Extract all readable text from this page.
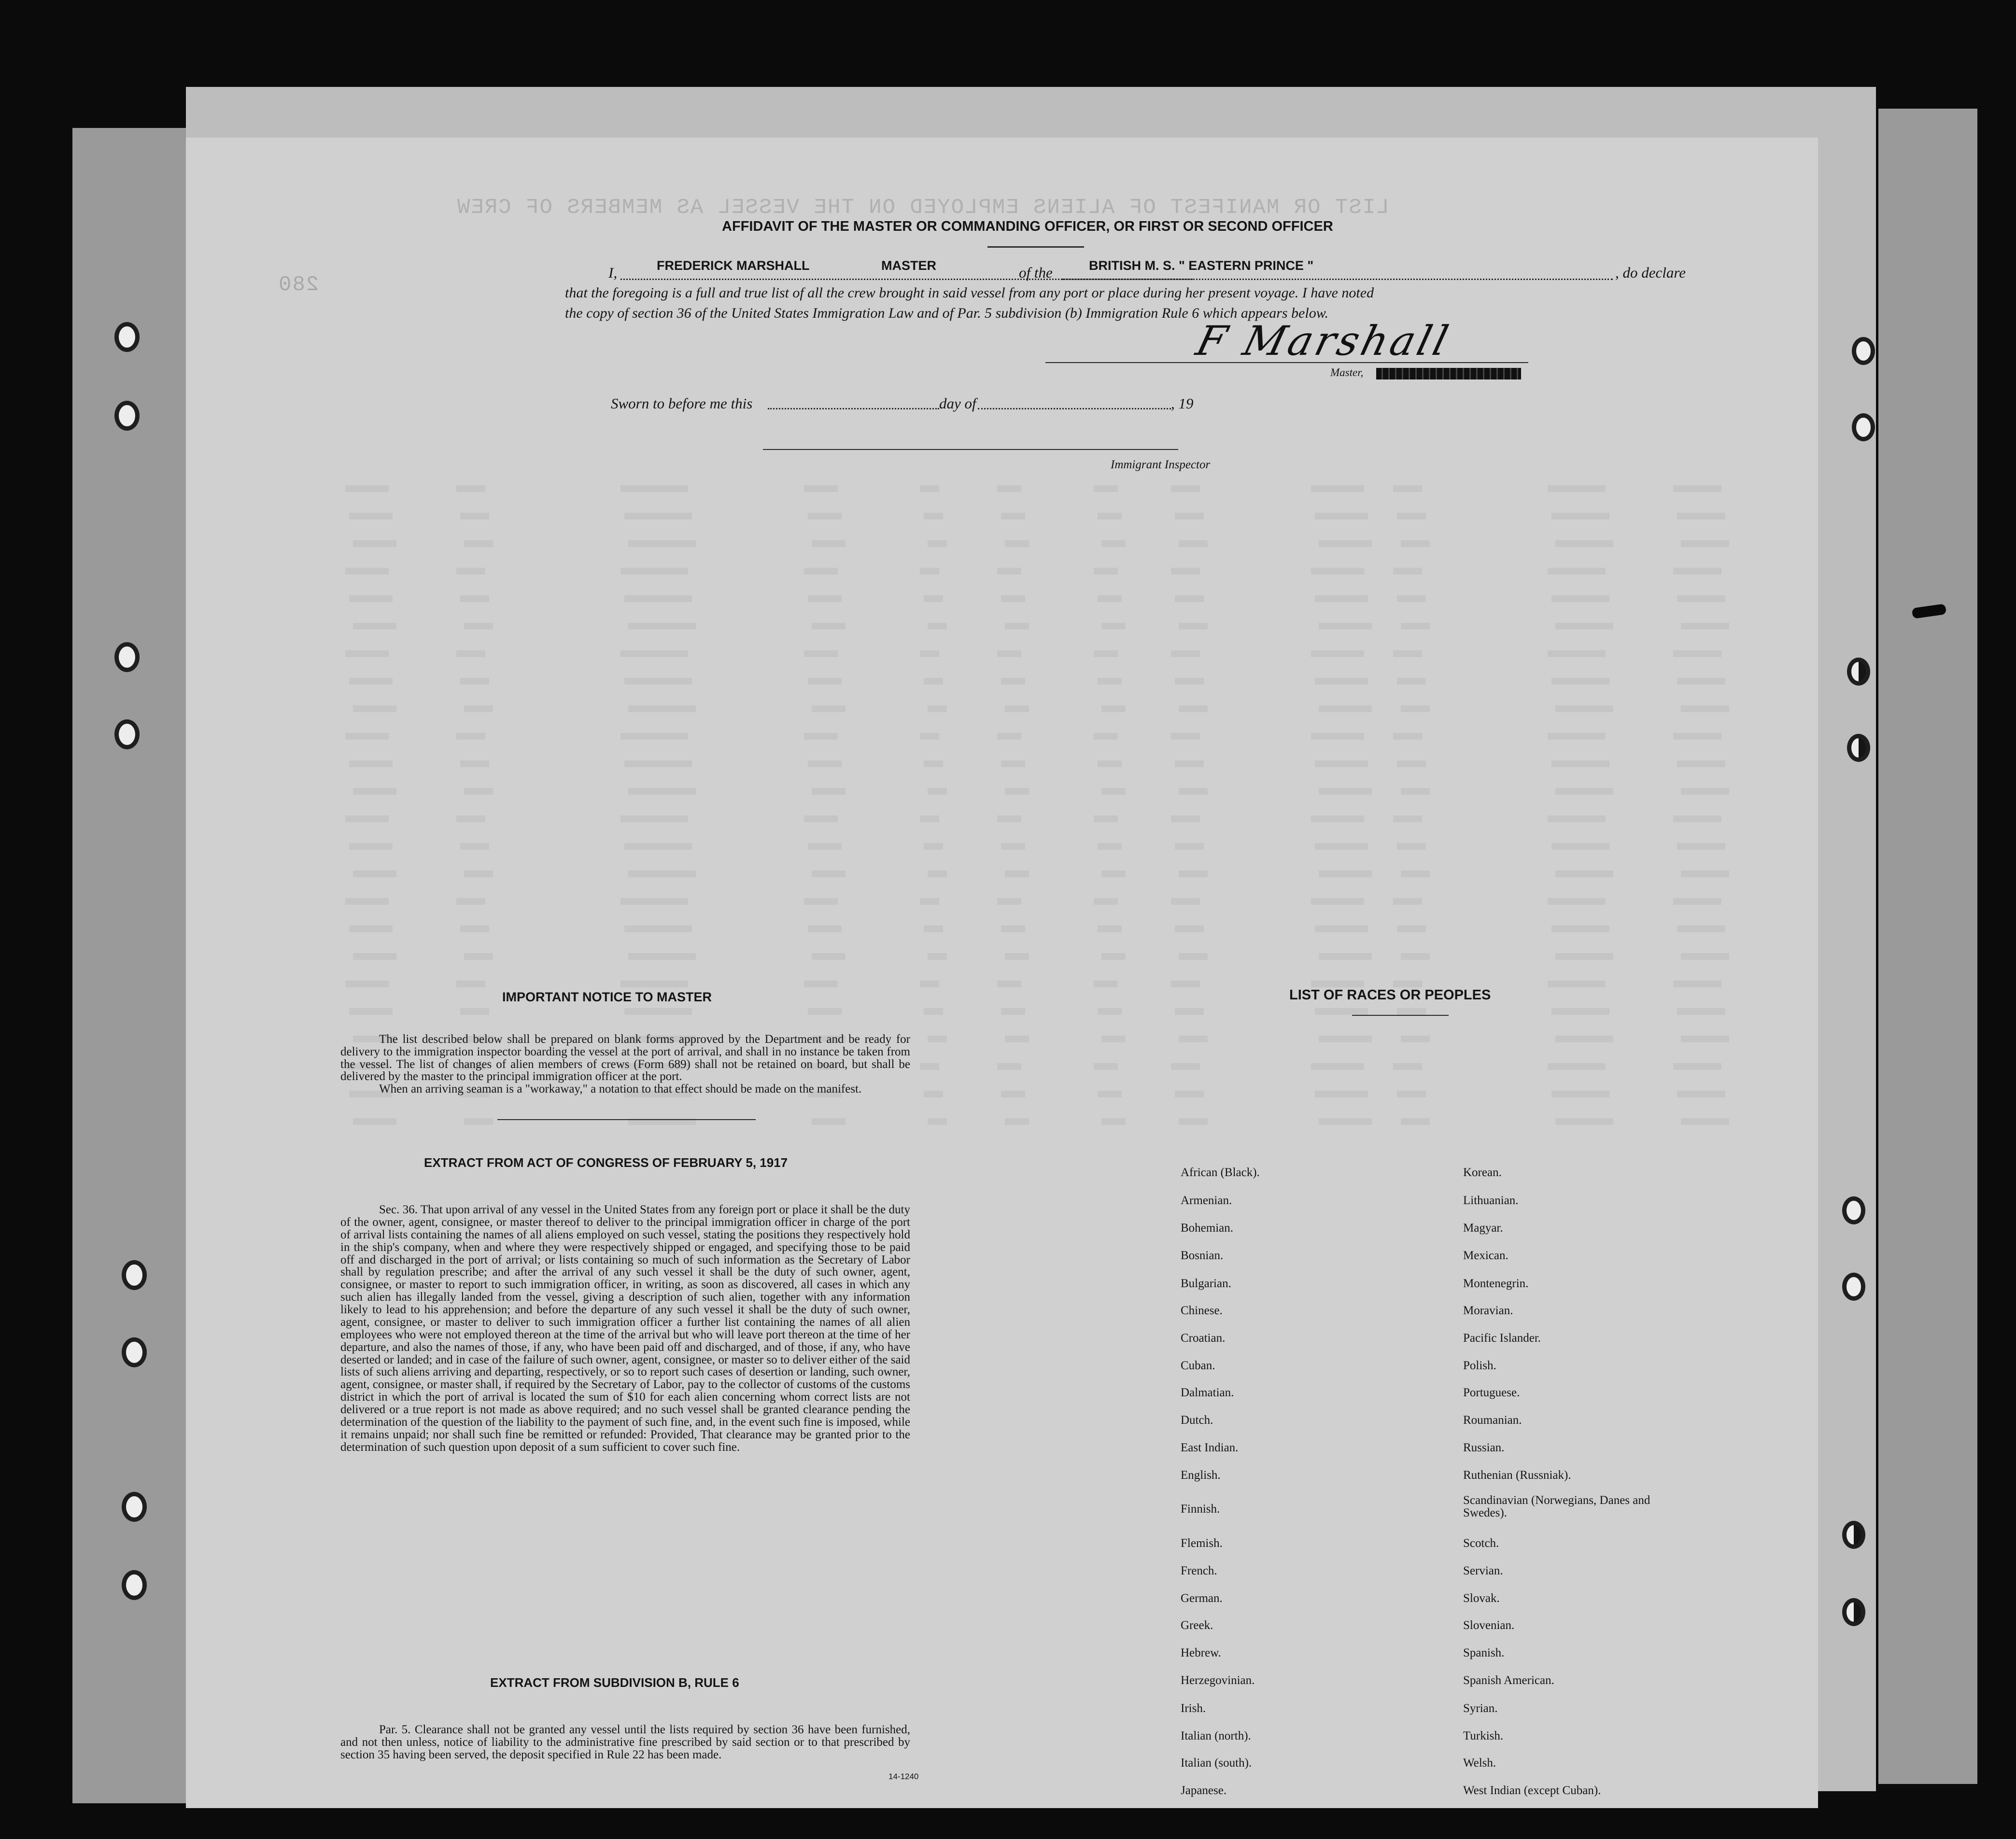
LIST OR MANIFEST OF ALIENS EMPLOYED ON THE VESSEL AS MEMBERS OF CREW
280
AFFIDAVIT OF THE MASTER OR COMMANDING OFFICER, OR FIRST OR SECOND OFFICER
I,	FREDERICK MARSHALL	MASTER	of the	BRITISH M. S. " EASTERN PRINCE "	, do declare
that the foregoing is a full and true list of all the crew brought in said vessel from any port or place during her present voyage. I have noted
the copy of section 36 of the United States Immigration Law and of Par. 5 subdivision (b) Immigration Rule 6 which appears below.
F Marshall
Master,
Sworn to before me this	day of	, 19
Immigrant Inspector
IMPORTANT NOTICE TO MASTER
The list described below shall be prepared on blank forms approved by the Department and be ready for delivery to the immigration inspector boarding the vessel at the port of arrival, and shall in no instance be taken from the vessel. The list of changes of alien members of crews (Form 689) shall not be retained on board, but shall be delivered by the master to the principal immigration officer at the port.
When an arriving seaman is a "workaway," a notation to that effect should be made on the manifest.
EXTRACT FROM ACT OF CONGRESS OF FEBRUARY 5, 1917
Sec. 36. That upon arrival of any vessel in the United States from any foreign port or place it shall be the duty of the owner, agent, consignee, or master thereof to deliver to the principal immigration officer in charge of the port of arrival lists containing the names of all aliens employed on such vessel, stating the positions they respectively hold in the ship's company, when and where they were respectively shipped or engaged, and specifying those to be paid off and discharged in the port of arrival; or lists containing so much of such information as the Secretary of Labor shall by regulation prescribe; and after the arrival of any such vessel it shall be the duty of such owner, agent, consignee, or master to report to such immigration officer, in writing, as soon as discovered, all cases in which any such alien has illegally landed from the vessel, giving a description of such alien, together with any information likely to lead to his apprehension; and before the departure of any such vessel it shall be the duty of such owner, agent, consignee, or master to deliver to such immigration officer a further list containing the names of all alien employees who were not employed thereon at the time of the arrival but who will leave port thereon at the time of her departure, and also the names of those, if any, who have been paid off and discharged, and of those, if any, who have deserted or landed; and in case of the failure of such owner, agent, consignee, or master so to deliver either of the said lists of such aliens arriving and departing, respectively, or so to report such cases of desertion or landing, such owner, agent, consignee, or master shall, if required by the Secretary of Labor, pay to the collector of customs of the customs district in which the port of arrival is located the sum of $10 for each alien concerning whom correct lists are not delivered or a true report is not made as above required; and no such vessel shall be granted clearance pending the determination of the question of the liability to the payment of such fine, and, in the event such fine is imposed, while it remains unpaid; nor shall such fine be remitted or refunded: Provided, That clearance may be granted prior to the determination of such question upon deposit of a sum sufficient to cover such fine.
EXTRACT FROM SUBDIVISION B, RULE 6
Par. 5. Clearance shall not be granted any vessel until the lists required by section 36 have been furnished, and not then unless, notice of liability to the administrative fine prescribed by said section or to that prescribed by section 35 having been served, the deposit specified in Rule 22 has been made.
14-1240
LIST OF RACES OR PEOPLES
African (Black).
Armenian.
Bohemian.
Bosnian.
Bulgarian.
Chinese.
Croatian.
Cuban.
Dalmatian.
Dutch.
East Indian.
English.
Finnish.
Flemish.
French.
German.
Greek.
Hebrew.
Herzegovinian.
Irish.
Italian (north).
Italian (south).
Japanese.
Korean.
Lithuanian.
Magyar.
Mexican.
Montenegrin.
Moravian.
Pacific Islander.
Polish.
Portuguese.
Roumanian.
Russian.
Ruthenian (Russniak).
Scandinavian (Norwegians, Danes and Swedes).
Scotch.
Servian.
Slovak.
Slovenian.
Spanish.
Spanish American.
Syrian.
Turkish.
Welsh.
West Indian (except Cuban).
